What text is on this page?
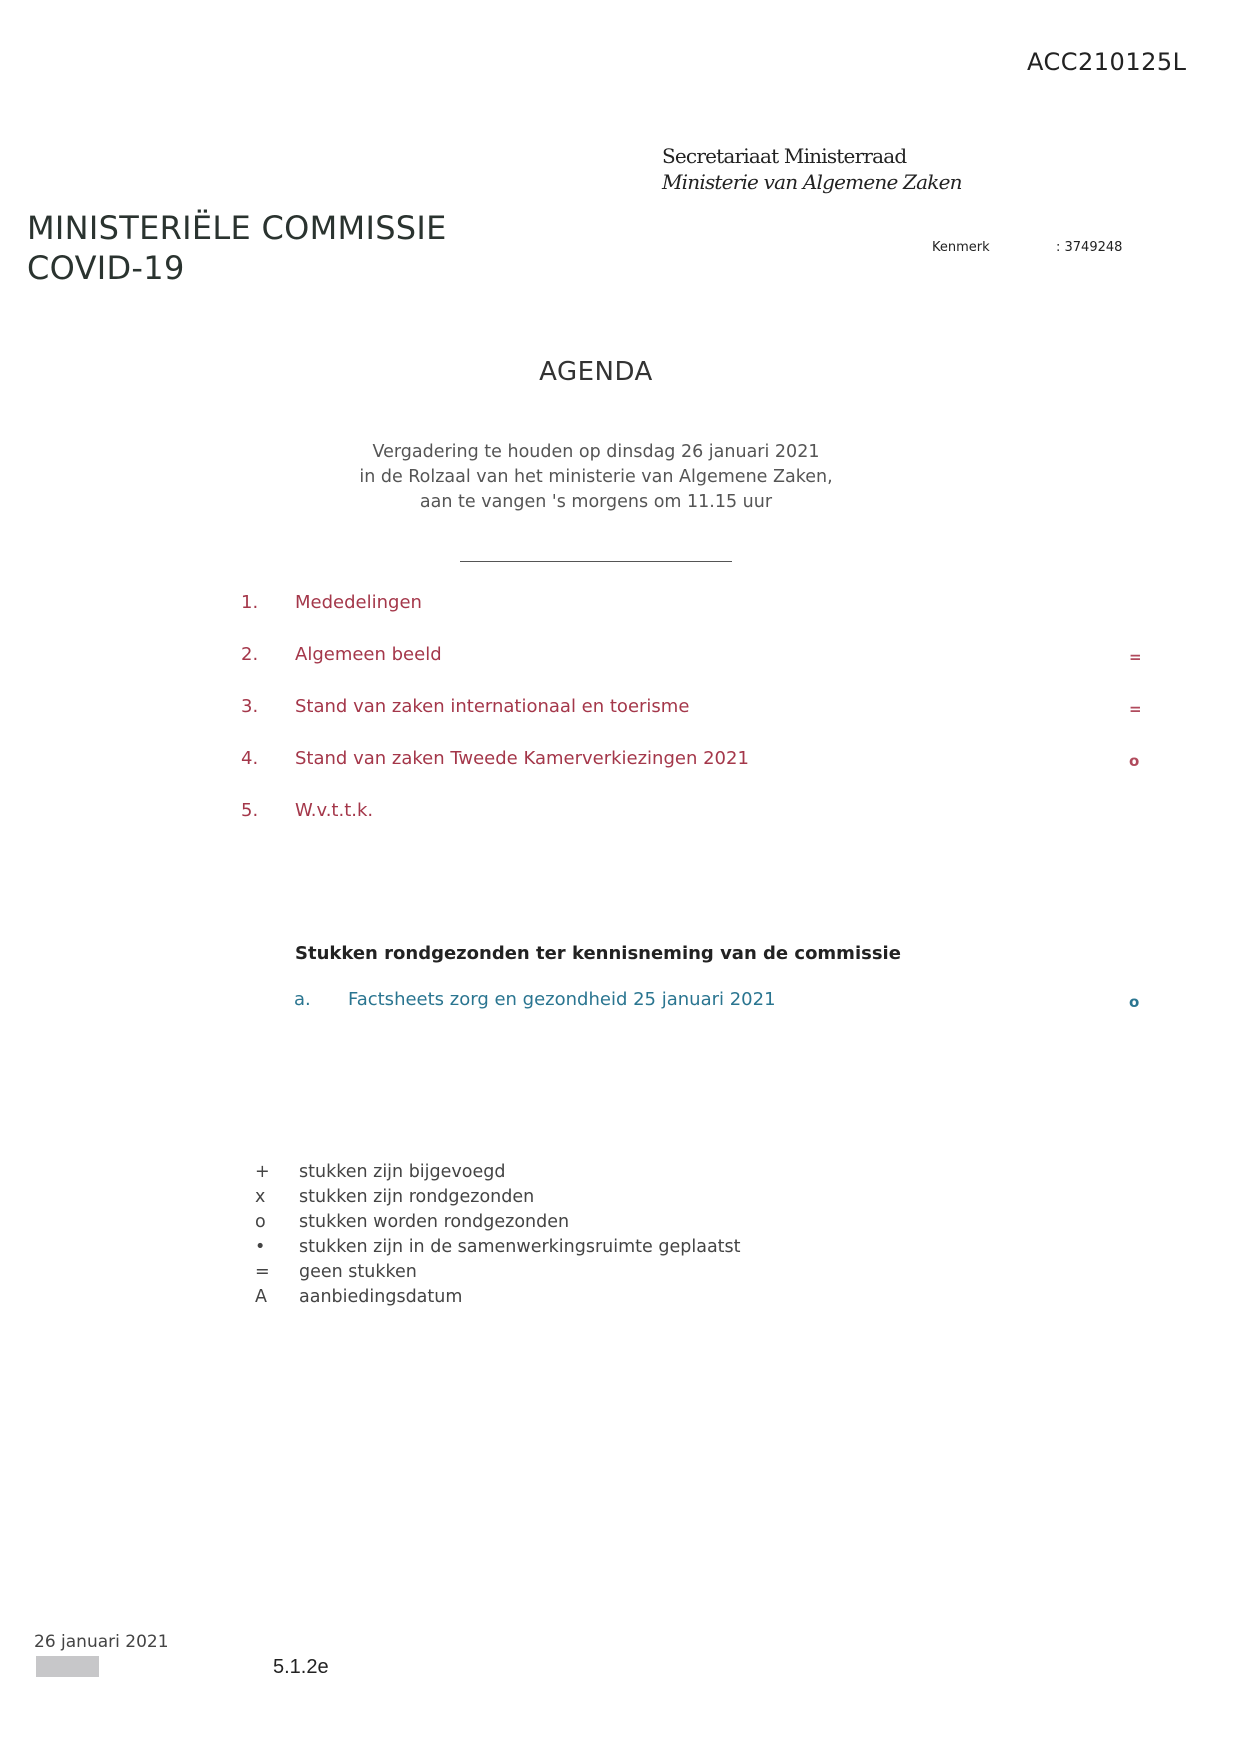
ACC210125L
Secretariaat Ministerraad
Ministerie van Algemene Zaken
MINISTERIËLE COMMISSIE
COVID-19
Kenmerk	: 3749248
AGENDA
Vergadering te houden op dinsdag 26 januari 2021
in de Rolzaal van het ministerie van Algemene Zaken,
aan te vangen 's morgens om 11.15 uur
1. Mededelingen
2. Algemeen beeld	=
3. Stand van zaken internationaal en toerisme	=
4. Stand van zaken Tweede Kamerverkiezingen 2021	o
5. W.v.t.t.k.
Stukken rondgezonden ter kennisneming van de commissie
a. Factsheets zorg en gezondheid 25 januari 2021	o
+ stukken zijn bijgevoegd
x stukken zijn rondgezonden
o stukken worden rondgezonden
• stukken zijn in de samenwerkingsruimte geplaatst
= geen stukken
A aanbiedingsdatum
26 januari 2021
5.1.2e
